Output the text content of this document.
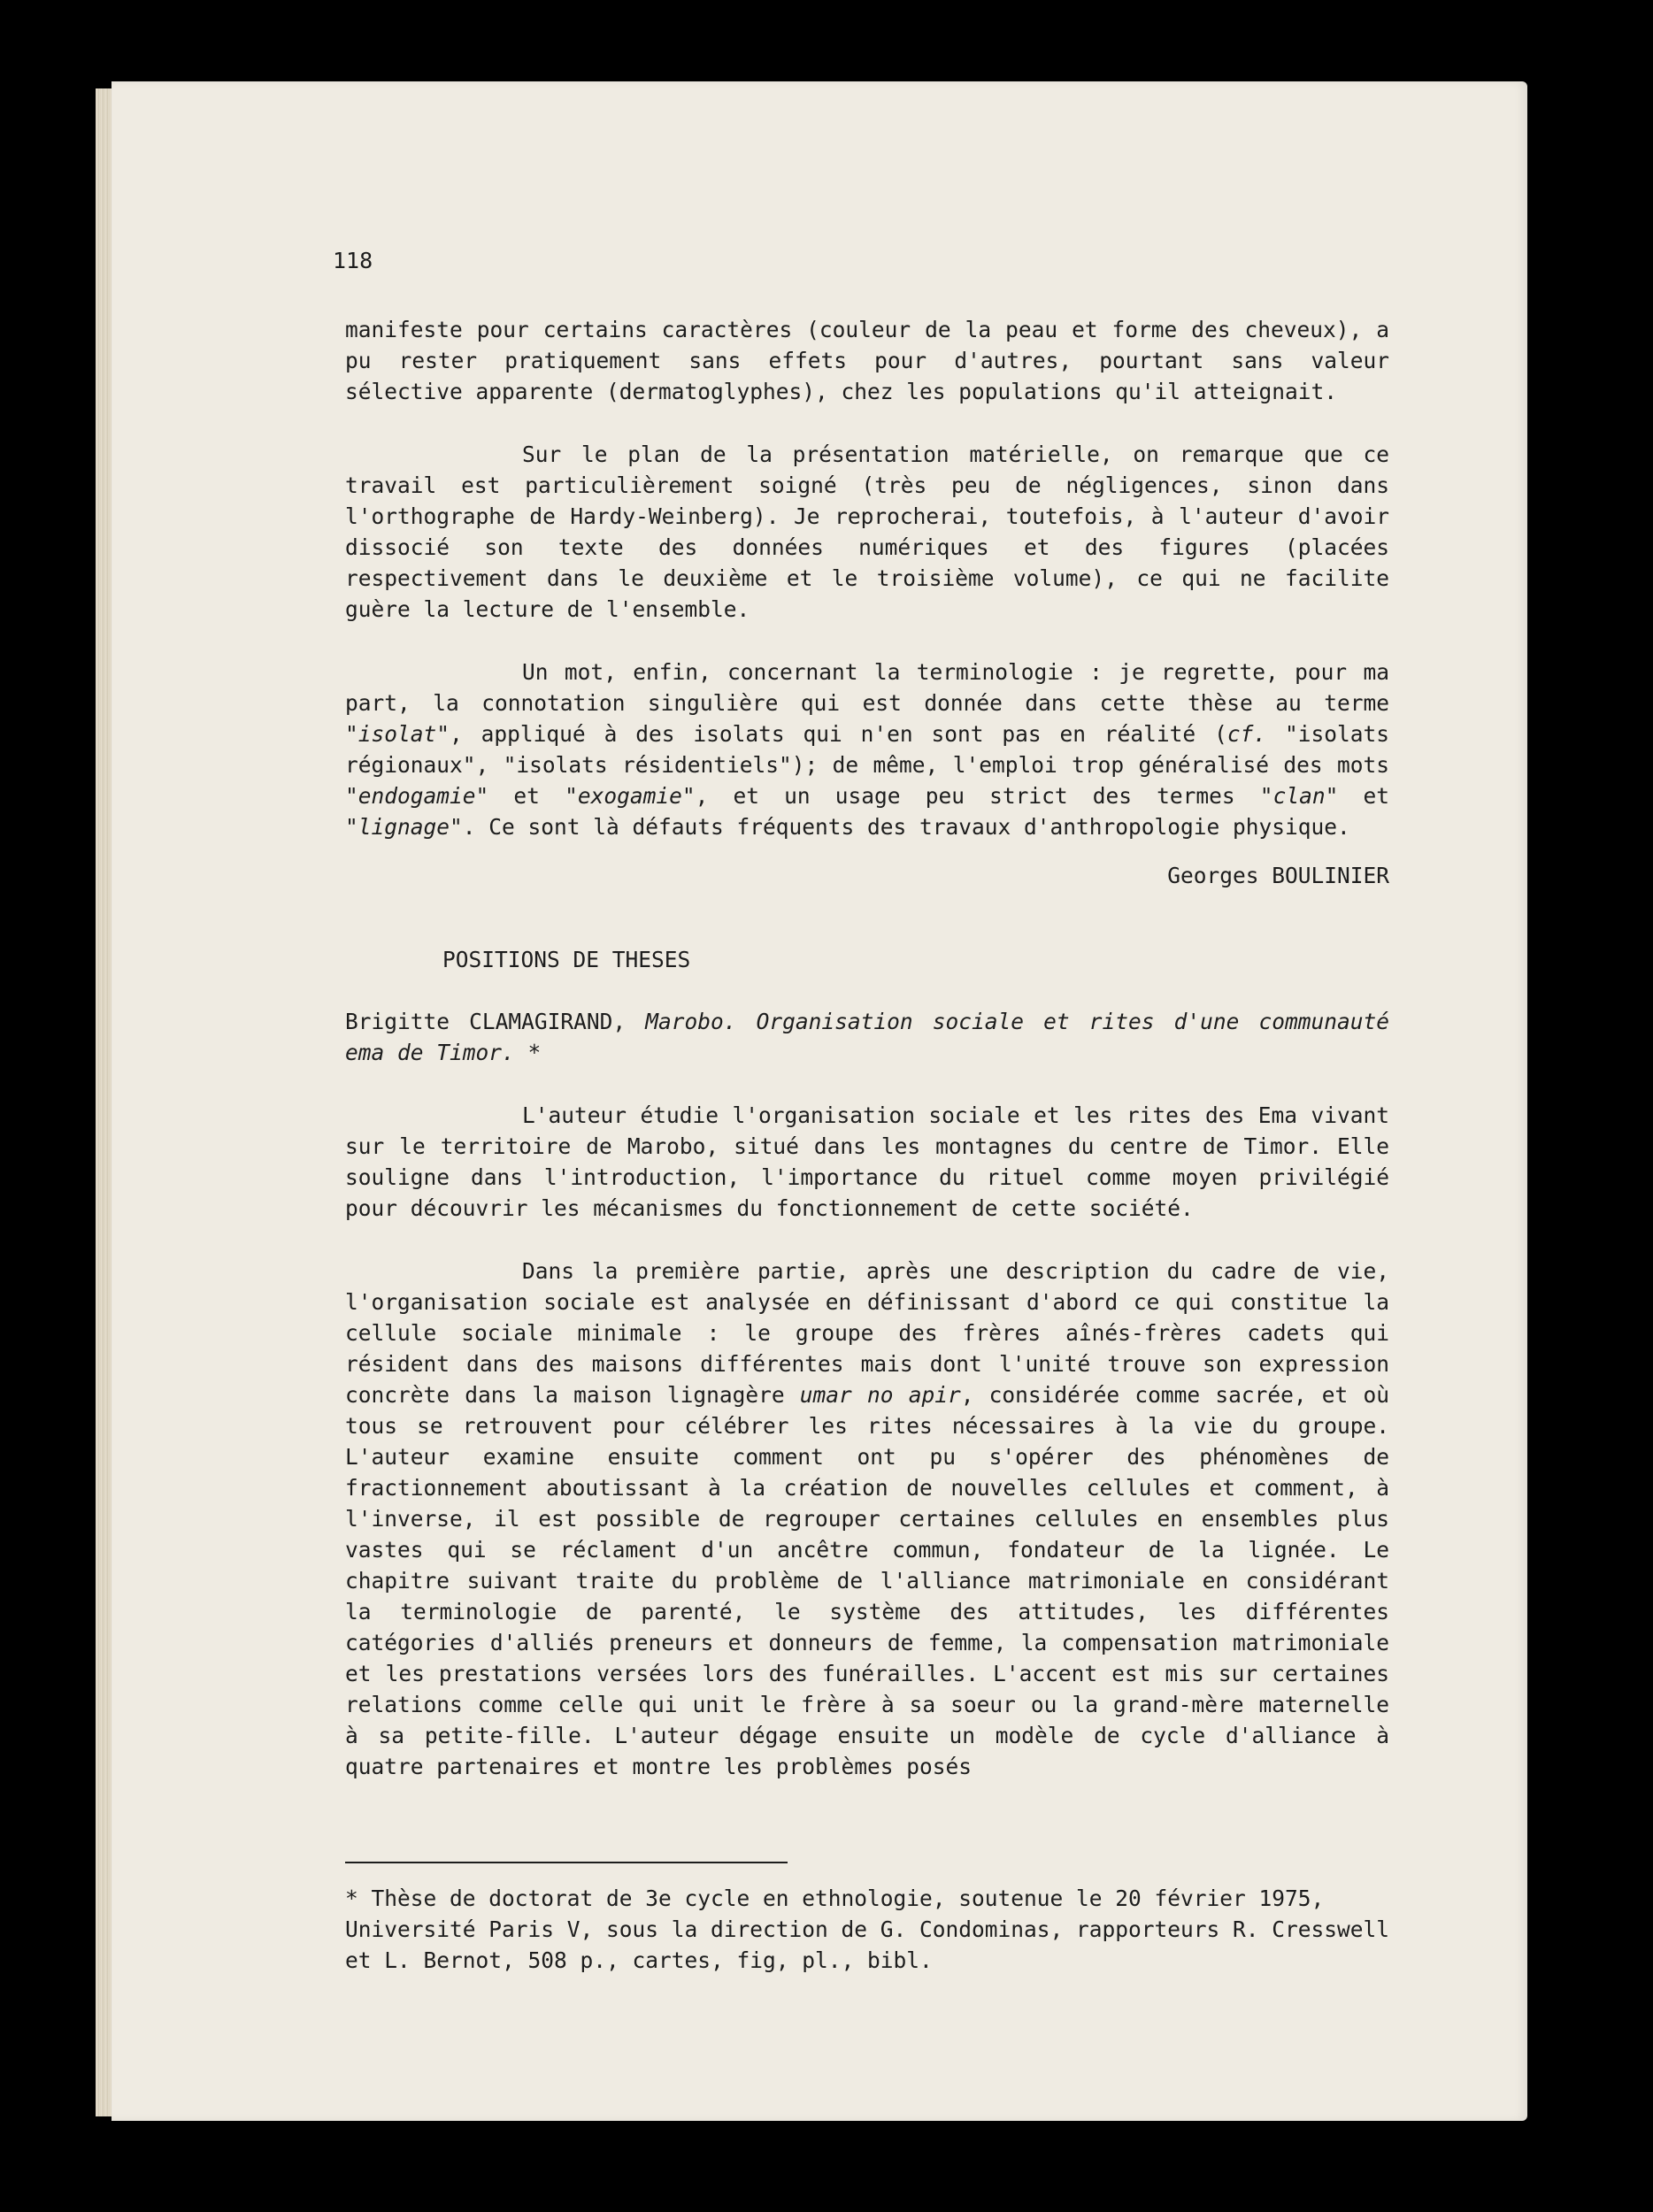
118

manifeste pour certains caractères (couleur de la peau et forme des cheveux), a pu rester pratiquement sans effets pour d'autres, pourtant sans valeur sélective apparente (dermatoglyphes), chez les populations qu'il atteignait.

Sur le plan de la présentation matérielle, on remarque que ce travail est particulièrement soigné (très peu de négligences, sinon dans l'orthographe de Hardy-Weinberg). Je reprocherai, toutefois, à l'auteur d'avoir dissocié son texte des données numériques et des figures (placées respectivement dans le deuxième et le troisième volume), ce qui ne facilite guère la lecture de l'ensemble.

Un mot, enfin, concernant la terminologie : je regrette, pour ma part, la connotation singulière qui est donnée dans cette thèse au terme "isolat", appliqué à des isolats qui n'en sont pas en réalité (cf. "isolats régionaux", "isolats résidentiels"); de même, l'emploi trop généralisé des mots "endogamie" et "exogamie", et un usage peu strict des termes "clan" et "lignage". Ce sont là défauts fréquents des travaux d'anthropologie physique.

Georges BOULINIER

POSITIONS DE THESES

Brigitte CLAMAGIRAND, Marobo. Organisation sociale et rites d'une communauté ema de Timor. *

L'auteur étudie l'organisation sociale et les rites des Ema vivant sur le territoire de Marobo, situé dans les montagnes du centre de Timor. Elle souligne dans l'introduction, l'importance du rituel comme moyen privilégié pour découvrir les mécanismes du fonctionnement de cette société.

Dans la première partie, après une description du cadre de vie, l'organisation sociale est analysée en définissant d'abord ce qui constitue la cellule sociale minimale : le groupe des frères aînés-frères cadets qui résident dans des maisons différentes mais dont l'unité trouve son expression concrète dans la maison lignagère umar no apir, considérée comme sacrée, et où tous se retrouvent pour célébrer les rites nécessaires à la vie du groupe. L'auteur examine ensuite comment ont pu s'opérer des phénomènes de fractionnement aboutissant à la création de nouvelles cellules et comment, à l'inverse, il est possible de regrouper certaines cellules en ensembles plus vastes qui se réclament d'un ancêtre commun, fondateur de la lignée. Le chapitre suivant traite du problème de l'alliance matrimoniale en considérant la terminologie de parenté, le système des attitudes, les différentes catégories d'alliés preneurs et donneurs de femme, la compensation matrimoniale et les prestations versées lors des funérailles. L'accent est mis sur certaines relations comme celle qui unit le frère à sa soeur ou la grand-mère maternelle à sa petite-fille. L'auteur dégage ensuite un modèle de cycle d'alliance à quatre partenaires et montre les problèmes posés

* Thèse de doctorat de 3e cycle en ethnologie, soutenue le 20 février 1975, Université Paris V, sous la direction de G. Condominas, rapporteurs R. Cresswell et L. Bernot, 508 p., cartes, fig, pl., bibl.
